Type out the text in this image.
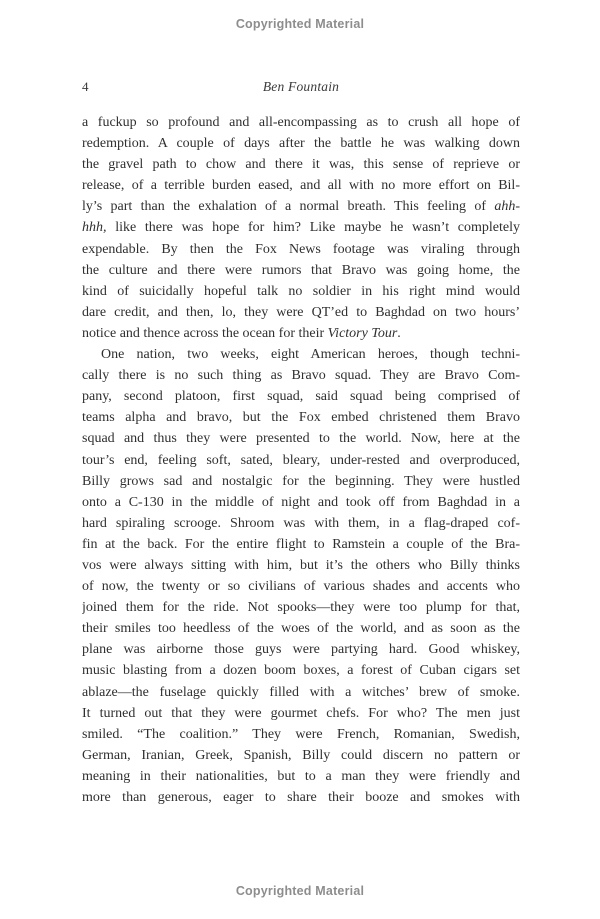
Copyrighted Material
4	Ben Fountain
a fuckup so profound and all-encompassing as to crush all hope of
redemption. A couple of days after the battle he was walking down
the gravel path to chow and there it was, this sense of reprieve or
release, of a terrible burden eased, and all with no more effort on Bil-
ly’s part than the exhalation of a normal breath. This feeling of ahh-
hhh, like there was hope for him? Like maybe he wasn’t completely
expendable. By then the Fox News footage was viraling through
the culture and there were rumors that Bravo was going home, the
kind of suicidally hopeful talk no soldier in his right mind would
dare credit, and then, lo, they were QT’ed to Baghdad on two hours’
notice and thence across the ocean for their Victory Tour.
One nation, two weeks, eight American heroes, though techni-
cally there is no such thing as Bravo squad. They are Bravo Com-
pany, second platoon, first squad, said squad being comprised of
teams alpha and bravo, but the Fox embed christened them Bravo
squad and thus they were presented to the world. Now, here at the
tour’s end, feeling soft, sated, bleary, under-rested and overproduced,
Billy grows sad and nostalgic for the beginning. They were hustled
onto a C-130 in the middle of night and took off from Baghdad in a
hard spiraling scrooge. Shroom was with them, in a flag-draped cof-
fin at the back. For the entire flight to Ramstein a couple of the Bra-
vos were always sitting with him, but it’s the others who Billy thinks
of now, the twenty or so civilians of various shades and accents who
joined them for the ride. Not spooks—they were too plump for that,
their smiles too heedless of the woes of the world, and as soon as the
plane was airborne those guys were partying hard. Good whiskey,
music blasting from a dozen boom boxes, a forest of Cuban cigars set
ablaze—the fuselage quickly filled with a witches’ brew of smoke.
It turned out that they were gourmet chefs. For who? The men just
smiled. “The coalition.” They were French, Romanian, Swedish,
German, Iranian, Greek, Spanish, Billy could discern no pattern or
meaning in their nationalities, but to a man they were friendly and
more than generous, eager to share their booze and smokes with
Copyrighted Material
